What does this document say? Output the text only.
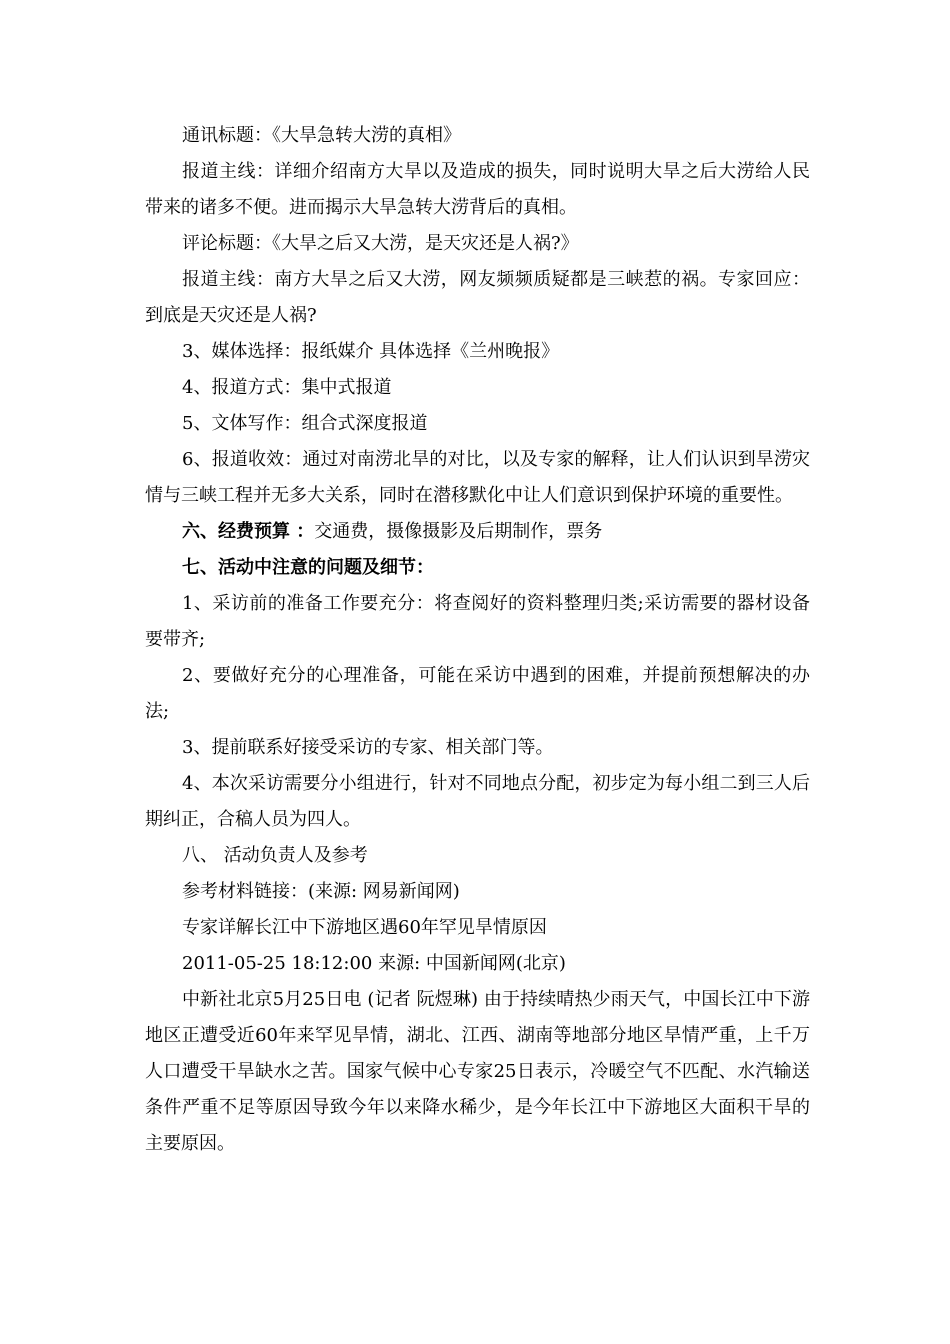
通讯标题：《大旱急转大涝的真相》

报道主线：详细介绍南方大旱以及造成的损失，同时说明大旱之后大涝给人民带来的诸多不便。进而揭示大旱急转大涝背后的真相。

评论标题：《大旱之后又大涝，是天灾还是人祸?》

报道主线：南方大旱之后又大涝，网友频频质疑都是三峡惹的祸。专家回应：到底是天灾还是人祸?

3、媒体选择：报纸媒介 具体选择《兰州晚报》

4、报道方式：集中式报道

5、文体写作：组合式深度报道

6、报道收效：通过对南涝北旱的对比，以及专家的解释，让人们认识到旱涝灾情与三峡工程并无多大关系，同时在潜移默化中让人们意识到保护环境的重要性。

六、经费预算 ：交通费，摄像摄影及后期制作，票务

七、活动中注意的问题及细节：

1、采访前的准备工作要充分：将查阅好的资料整理归类;采访需要的器材设备要带齐;

2、要做好充分的心理准备，可能在采访中遇到的困难，并提前预想解决的办法;

3、提前联系好接受采访的专家、相关部门等。

4、本次采访需要分小组进行，针对不同地点分配，初步定为每小组二到三人后期纠正，合稿人员为四人。

八、 活动负责人及参考

参考材料链接：(来源: 网易新闻网)

专家详解长江中下游地区遇60年罕见旱情原因

2011-05-25 18:12:00 来源: 中国新闻网(北京)

中新社北京5月25日电 (记者 阮煜琳) 由于持续晴热少雨天气，中国长江中下游地区正遭受近60年来罕见旱情，湖北、江西、湖南等地部分地区旱情严重，上千万人口遭受干旱缺水之苦。国家气候中心专家25日表示，冷暖空气不匹配、水汽输送条件严重不足等原因导致今年以来降水稀少，是今年长江中下游地区大面积干旱的主要原因。
